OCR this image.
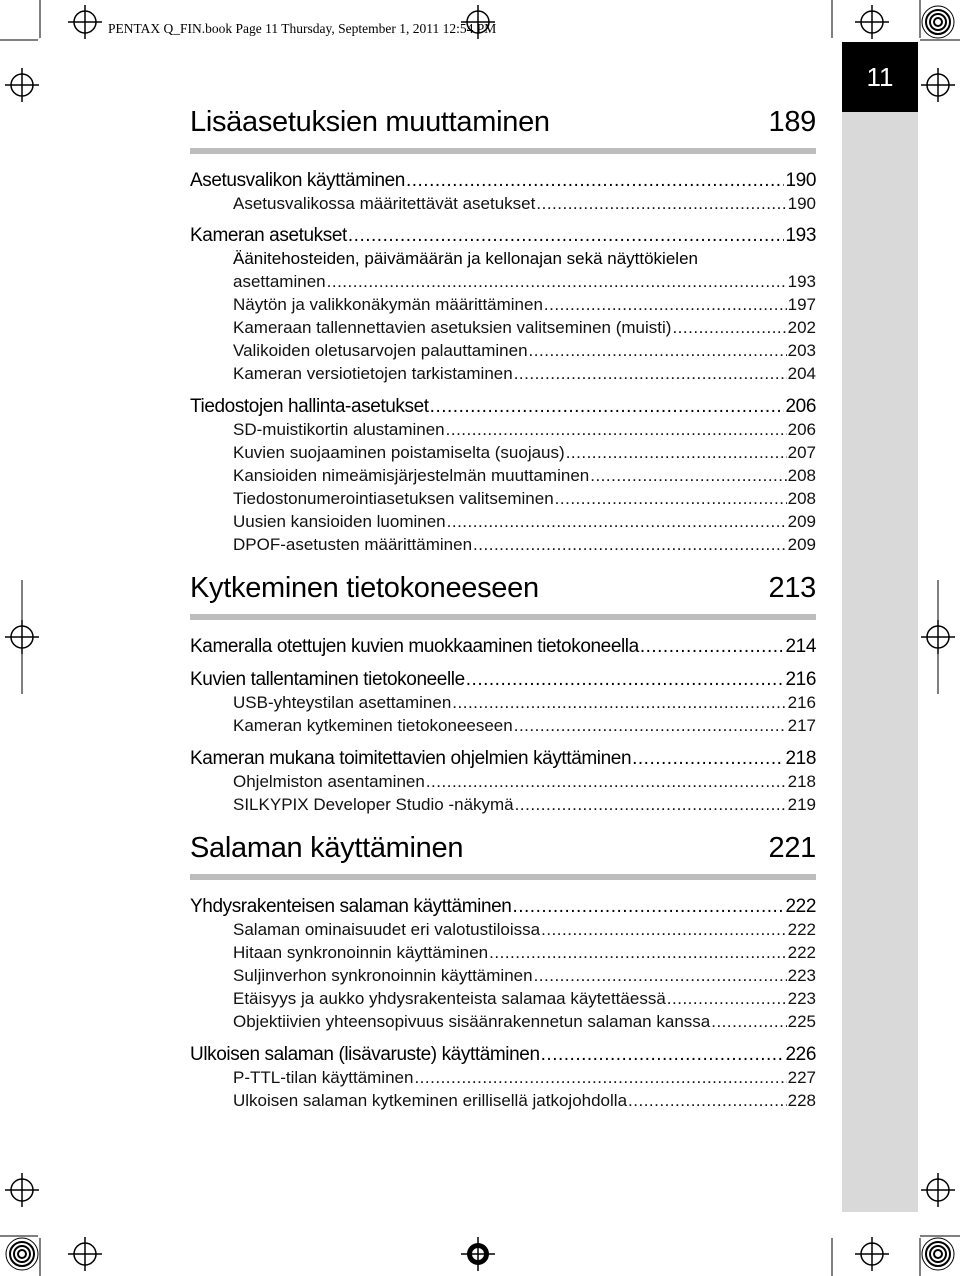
PENTAX Q_FIN.book Page 11 Thursday, September 1, 2011 12:54 PM
11
Lisäasetuksien muuttaminen	189
Asetusvalikon käyttäminen .....	190
Asetusvalikossa määritettävät asetukset .....	190
Kameran asetukset .....	193
Äänitehosteiden, päivämäärän ja kellonajan sekä näyttökielen
asettaminen .....	193
Näytön ja valikkonäkymän määrittäminen .....	197
Kameraan tallennettavien asetuksien valitseminen (muisti) .....	202
Valikoiden oletusarvojen palauttaminen .....	203
Kameran versiotietojen tarkistaminen .....	204
Tiedostojen hallinta-asetukset .....	206
SD-muistikortin alustaminen .....	206
Kuvien suojaaminen poistamiselta (suojaus) .....	207
Kansioiden nimeämisjärjestelmän muuttaminen .....	208
Tiedostonumerointiasetuksen valitseminen .....	208
Uusien kansioiden luominen .....	209
DPOF-asetusten määrittäminen .....	209
Kytkeminen tietokoneeseen	213
Kameralla otettujen kuvien muokkaaminen tietokoneella .....	214
Kuvien tallentaminen tietokoneelle .....	216
USB-yhteystilan asettaminen .....	216
Kameran kytkeminen tietokoneeseen .....	217
Kameran mukana toimitettavien ohjelmien käyttäminen .....	218
Ohjelmiston asentaminen .....	218
SILKYPIX Developer Studio -näkymä .....	219
Salaman käyttäminen	221
Yhdysrakenteisen salaman käyttäminen .....	222
Salaman ominaisuudet eri valotustiloissa .....	222
Hitaan synkronoinnin käyttäminen .....	222
Suljinverhon synkronoinnin käyttäminen .....	223
Etäisyys ja aukko yhdysrakenteista salamaa käytettäessä .....	223
Objektiivien yhteensopivuus sisäänrakennetun salaman kanssa .....	225
Ulkoisen salaman (lisävaruste) käyttäminen .....	226
P-TTL-tilan käyttäminen .....	227
Ulkoisen salaman kytkeminen erillisellä jatkojohdolla .....	228
